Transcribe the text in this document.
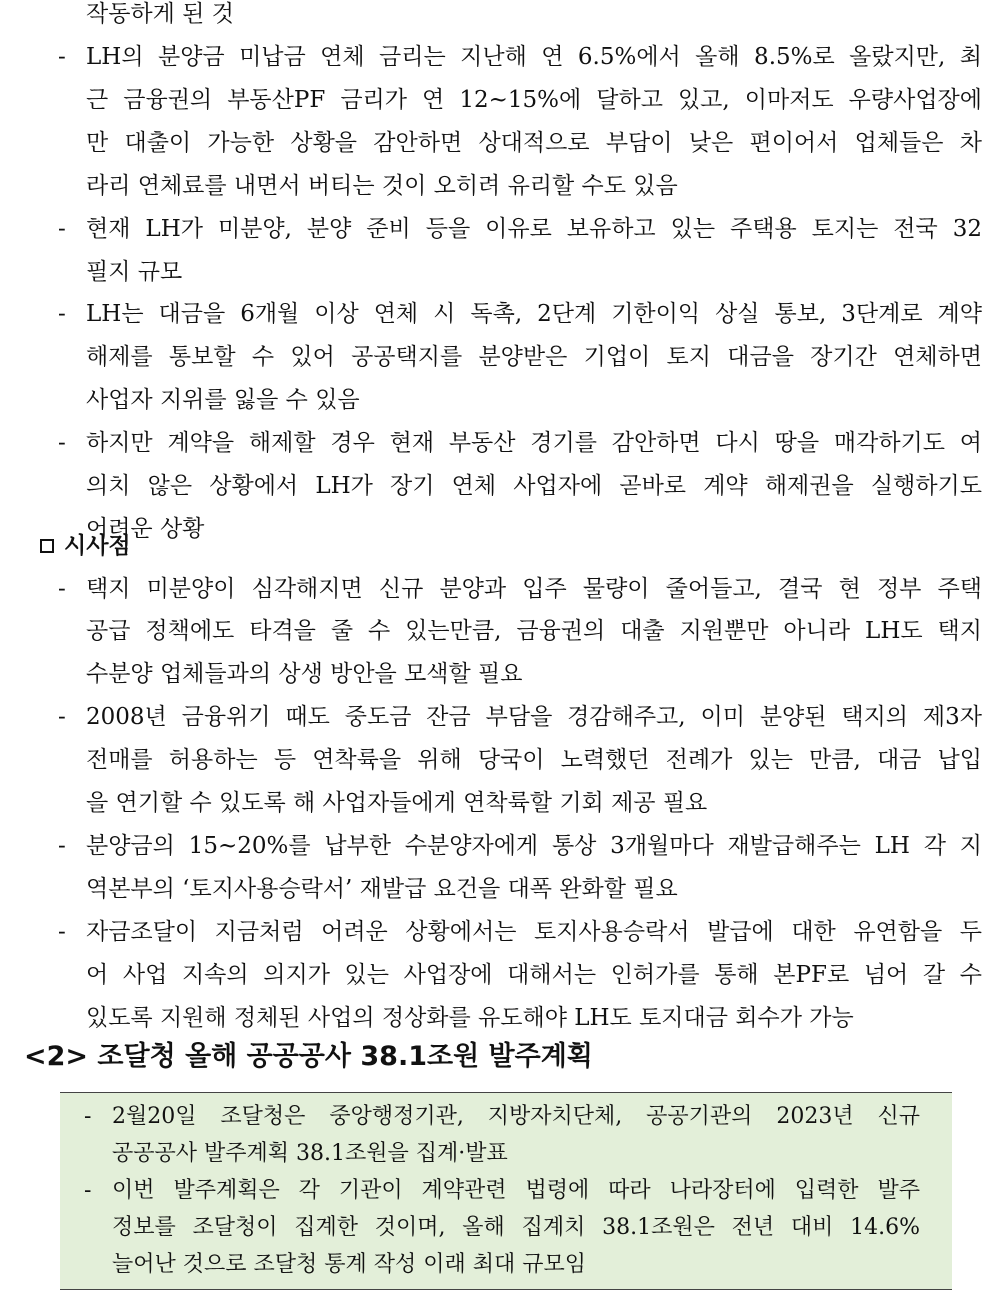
작동하게 된 것
- LH의 분양금 미납금 연체 금리는 지난해 연 6.5%에서 올해 8.5%로 올랐지만, 최
근 금융권의 부동산PF 금리가 연 12~15%에 달하고 있고, 이마저도 우량사업장에
만 대출이 가능한 상황을 감안하면 상대적으로 부담이 낮은 편이어서 업체들은 차
라리 연체료를 내면서 버티는 것이 오히려 유리할 수도 있음
- 현재 LH가 미분양, 분양 준비 등을 이유로 보유하고 있는 주택용 토지는 전국 32
필지 규모
- LH는 대금을 6개월 이상 연체 시 독촉, 2단계 기한이익 상실 통보, 3단계로 계약
해제를 통보할 수 있어 공공택지를 분양받은 기업이 토지 대금을 장기간 연체하면
사업자 지위를 잃을 수 있음
- 하지만 계약을 해제할 경우 현재 부동산 경기를 감안하면 다시 땅을 매각하기도 여
의치 않은 상황에서 LH가 장기 연체 사업자에 곧바로 계약 해제권을 실행하기도
어려운 상황
시사점
- 택지 미분양이 심각해지면 신규 분양과 입주 물량이 줄어들고, 결국 현 정부 주택
공급 정책에도 타격을 줄 수 있는만큼, 금융권의 대출 지원뿐만 아니라 LH도 택지
수분양 업체들과의 상생 방안을 모색할 필요
- 2008년 금융위기 때도 중도금 잔금 부담을 경감해주고, 이미 분양된 택지의 제3자
전매를 허용하는 등 연착륙을 위해 당국이 노력했던 전례가 있는 만큼, 대금 납입
을 연기할 수 있도록 해 사업자들에게 연착륙할 기회 제공 필요
- 분양금의 15~20%를 납부한 수분양자에게 통상 3개월마다 재발급해주는 LH 각 지
역본부의 ‘토지사용승락서’ 재발급 요건을 대폭 완화할 필요
- 자금조달이 지금처럼 어려운 상황에서는 토지사용승락서 발급에 대한 유연함을 두
어 사업 지속의 의지가 있는 사업장에 대해서는 인허가를 통해 본PF로 넘어 갈 수
있도록 지원해 정체된 사업의 정상화를 유도해야 LH도 토지대금 회수가 가능
<2> 조달청 올해 공공공사 38.1조원 발주계획
- 2월20일 조달청은 중앙행정기관, 지방자치단체, 공공기관의 2023년 신규
공공공사 발주계획 38.1조원을 집계·발표
- 이번 발주계획은 각 기관이 계약관련 법령에 따라 나라장터에 입력한 발주
정보를 조달청이 집계한 것이며, 올해 집계치 38.1조원은 전년 대비 14.6%
늘어난 것으로 조달청 통계 작성 이래 최대 규모임
